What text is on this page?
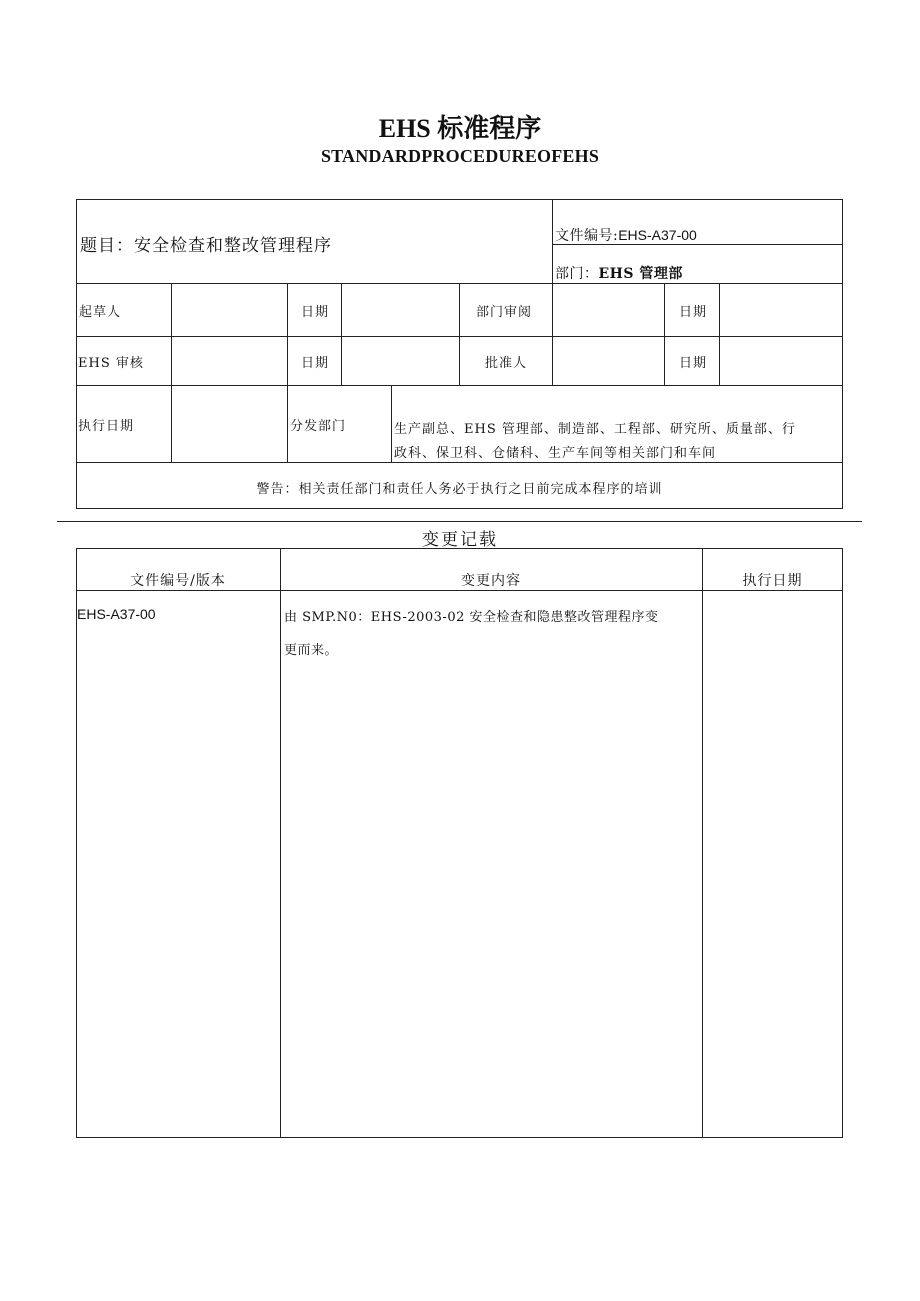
EHS 标准程序
STANDARDPROCEDUREOFEHS
题目：安全检查和整改管理程序	文件编号:EHS-A37-00
部门：EHS 管理部
起草人	日期	部门审阅	日期
EHS 审核	日期	批准人	日期
执行日期	分发部门	生产副总、EHS 管理部、制造部、工程部、研究所、质量部、行
政科、保卫科、仓储科、生产车间等相关部门和车间
警告：相关责任部门和责任人务必于执行之日前完成本程序的培训
变更记载
文件编号/版本	变更内容	执行日期
EHS-A37-00	由 SMP.N0：EHS-2003-02 安全检查和隐患整改管理程序变
更而来。
